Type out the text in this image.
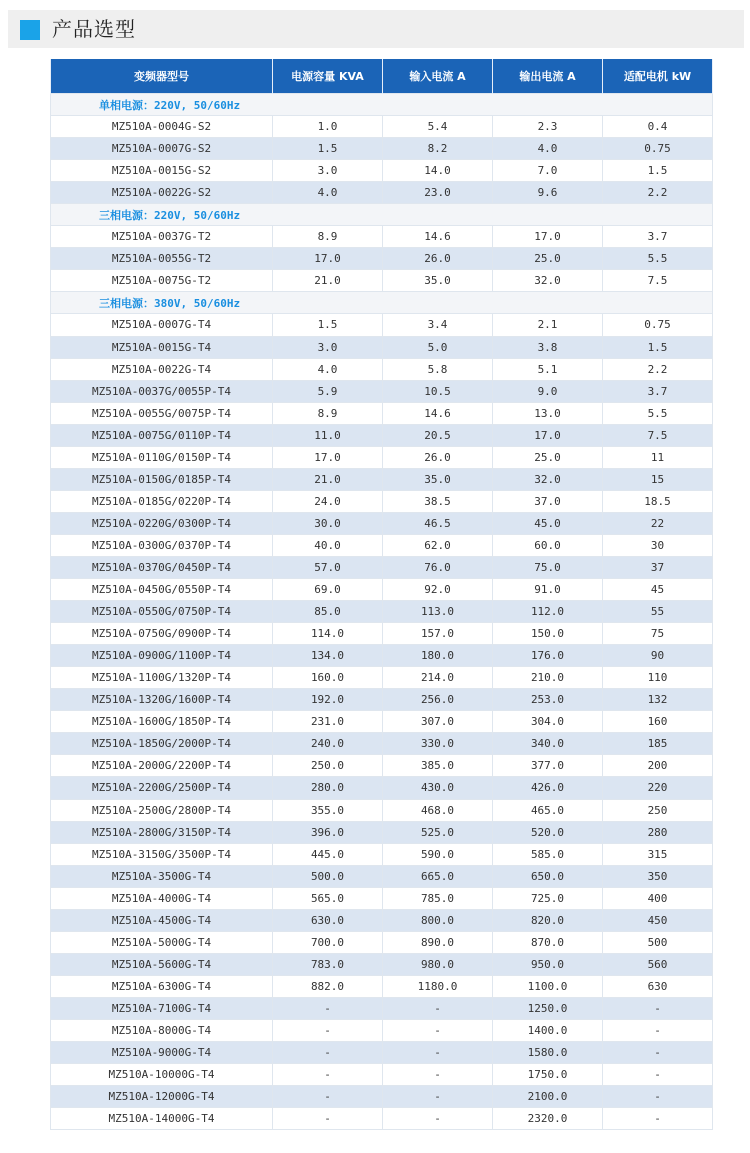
产品选型
变频器型号	电源容量 KVA	输入电流 A	输出电流 A	适配电机 kW
单相电源：220V, 50/60Hz				
MZ510A-0004G-S2	1.0	5.4	2.3	0.4
MZ510A-0007G-S2	1.5	8.2	4.0	0.75
MZ510A-0015G-S2	3.0	14.0	7.0	1.5
MZ510A-0022G-S2	4.0	23.0	9.6	2.2
三相电源：220V, 50/60Hz				
MZ510A-0037G-T2	8.9	14.6	17.0	3.7
MZ510A-0055G-T2	17.0	26.0	25.0	5.5
MZ510A-0075G-T2	21.0	35.0	32.0	7.5
三相电源：380V, 50/60Hz				
MZ510A-0007G-T4	1.5	3.4	2.1	0.75
MZ510A-0015G-T4	3.0	5.0	3.8	1.5
MZ510A-0022G-T4	4.0	5.8	5.1	2.2
MZ510A-0037G/0055P-T4	5.9	10.5	9.0	3.7
MZ510A-0055G/0075P-T4	8.9	14.6	13.0	5.5
MZ510A-0075G/0110P-T4	11.0	20.5	17.0	7.5
MZ510A-0110G/0150P-T4	17.0	26.0	25.0	11
MZ510A-0150G/0185P-T4	21.0	35.0	32.0	15
MZ510A-0185G/0220P-T4	24.0	38.5	37.0	18.5
MZ510A-0220G/0300P-T4	30.0	46.5	45.0	22
MZ510A-0300G/0370P-T4	40.0	62.0	60.0	30
MZ510A-0370G/0450P-T4	57.0	76.0	75.0	37
MZ510A-0450G/0550P-T4	69.0	92.0	91.0	45
MZ510A-0550G/0750P-T4	85.0	113.0	112.0	55
MZ510A-0750G/0900P-T4	114.0	157.0	150.0	75
MZ510A-0900G/1100P-T4	134.0	180.0	176.0	90
MZ510A-1100G/1320P-T4	160.0	214.0	210.0	110
MZ510A-1320G/1600P-T4	192.0	256.0	253.0	132
MZ510A-1600G/1850P-T4	231.0	307.0	304.0	160
MZ510A-1850G/2000P-T4	240.0	330.0	340.0	185
MZ510A-2000G/2200P-T4	250.0	385.0	377.0	200
MZ510A-2200G/2500P-T4	280.0	430.0	426.0	220
MZ510A-2500G/2800P-T4	355.0	468.0	465.0	250
MZ510A-2800G/3150P-T4	396.0	525.0	520.0	280
MZ510A-3150G/3500P-T4	445.0	590.0	585.0	315
MZ510A-3500G-T4	500.0	665.0	650.0	350
MZ510A-4000G-T4	565.0	785.0	725.0	400
MZ510A-4500G-T4	630.0	800.0	820.0	450
MZ510A-5000G-T4	700.0	890.0	870.0	500
MZ510A-5600G-T4	783.0	980.0	950.0	560
MZ510A-6300G-T4	882.0	1180.0	1100.0	630
MZ510A-7100G-T4	-	-	1250.0	-
MZ510A-8000G-T4	-	-	1400.0	-
MZ510A-9000G-T4	-	-	1580.0	-
MZ510A-10000G-T4	-	-	1750.0	-
MZ510A-12000G-T4	-	-	2100.0	-
MZ510A-14000G-T4	-	-	2320.0	-
